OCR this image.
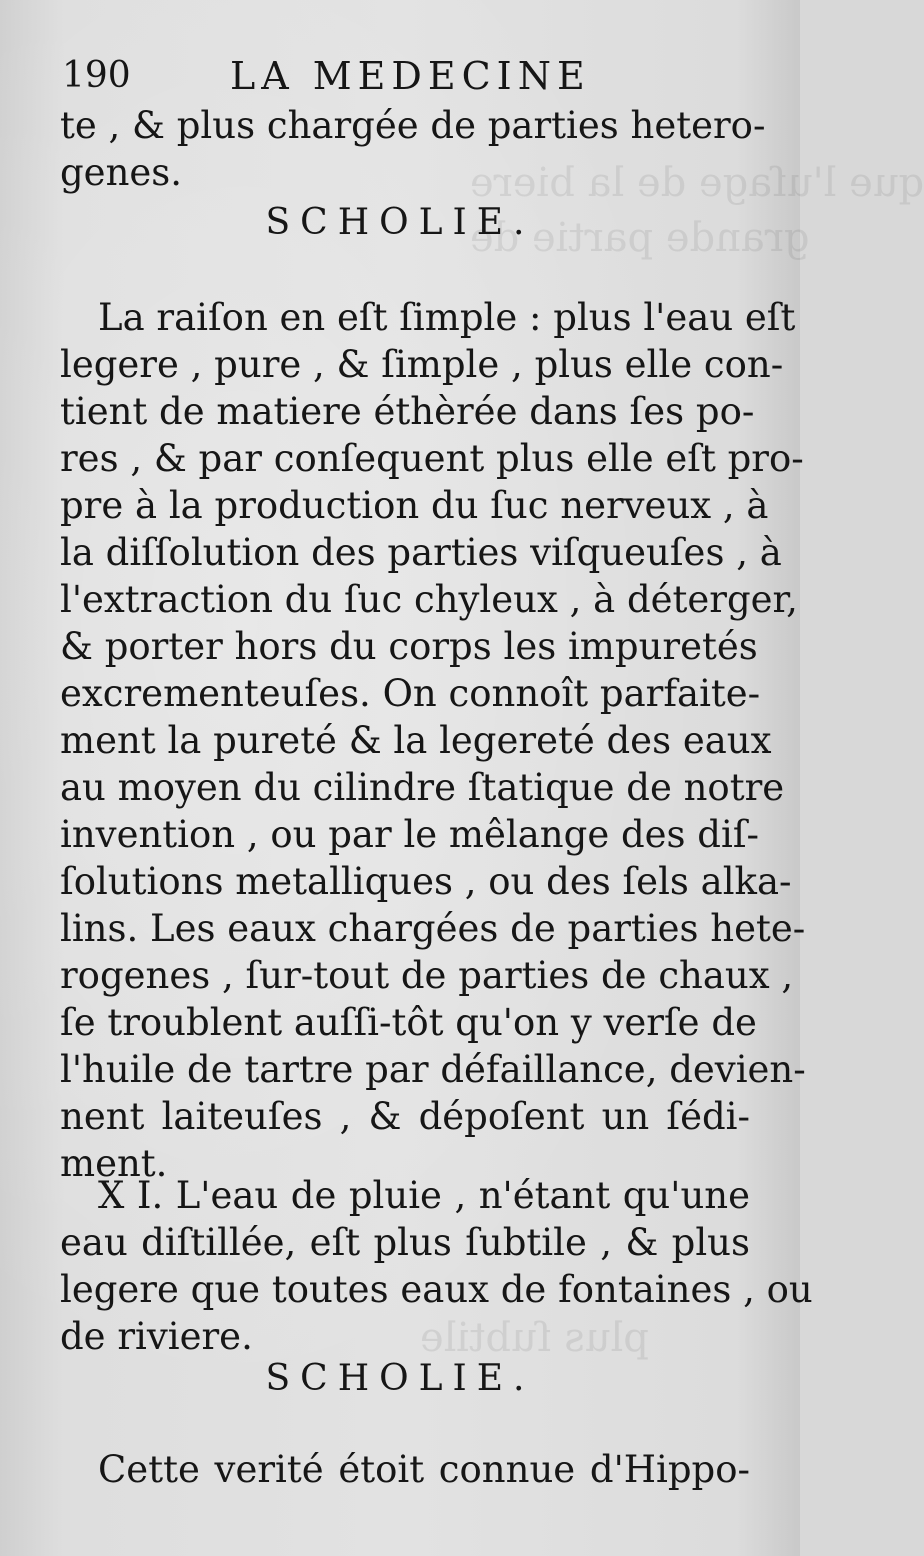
que l'uſage de la biere
grande partie de
plus ſubtile
190	LA MEDECINE
te , & plus chargée de parties hetero-
genes.
SCHOLIE.
La raiſon en eſt ſimple : plus l'eau eſt
legere , pure , & ſimple , plus elle con-
tient de matiere éthèrée dans ſes po-
res , & par conſequent plus elle eſt pro-
pre à la production du ſuc nerveux , à
la diſſolution des parties viſqueuſes , à
l'extraction du ſuc chyleux , à déterger,
& porter hors du corps les impuretés
excrementeuſes. On connoît parfaite-
ment la pureté & la legereté des eaux
au moyen du cilindre ſtatique de notre
invention , ou par le mêlange des diſ-
ſolutions metalliques , ou des ſels alka-
lins. Les eaux chargées de parties hete-
rogenes , ſur-tout de parties de chaux ,
ſe troublent auſſi-tôt qu'on y verſe de
l'huile de tartre par défaillance, devien-
nent laiteuſes , & dépoſent un ſédi-
ment.
X I. L'eau de pluie , n'étant qu'une
eau diſtillée, eſt plus ſubtile , & plus
legere que toutes eaux de fontaines , ou
de riviere.
SCHOLIE.
Cette verité étoit connue d'Hippo-
